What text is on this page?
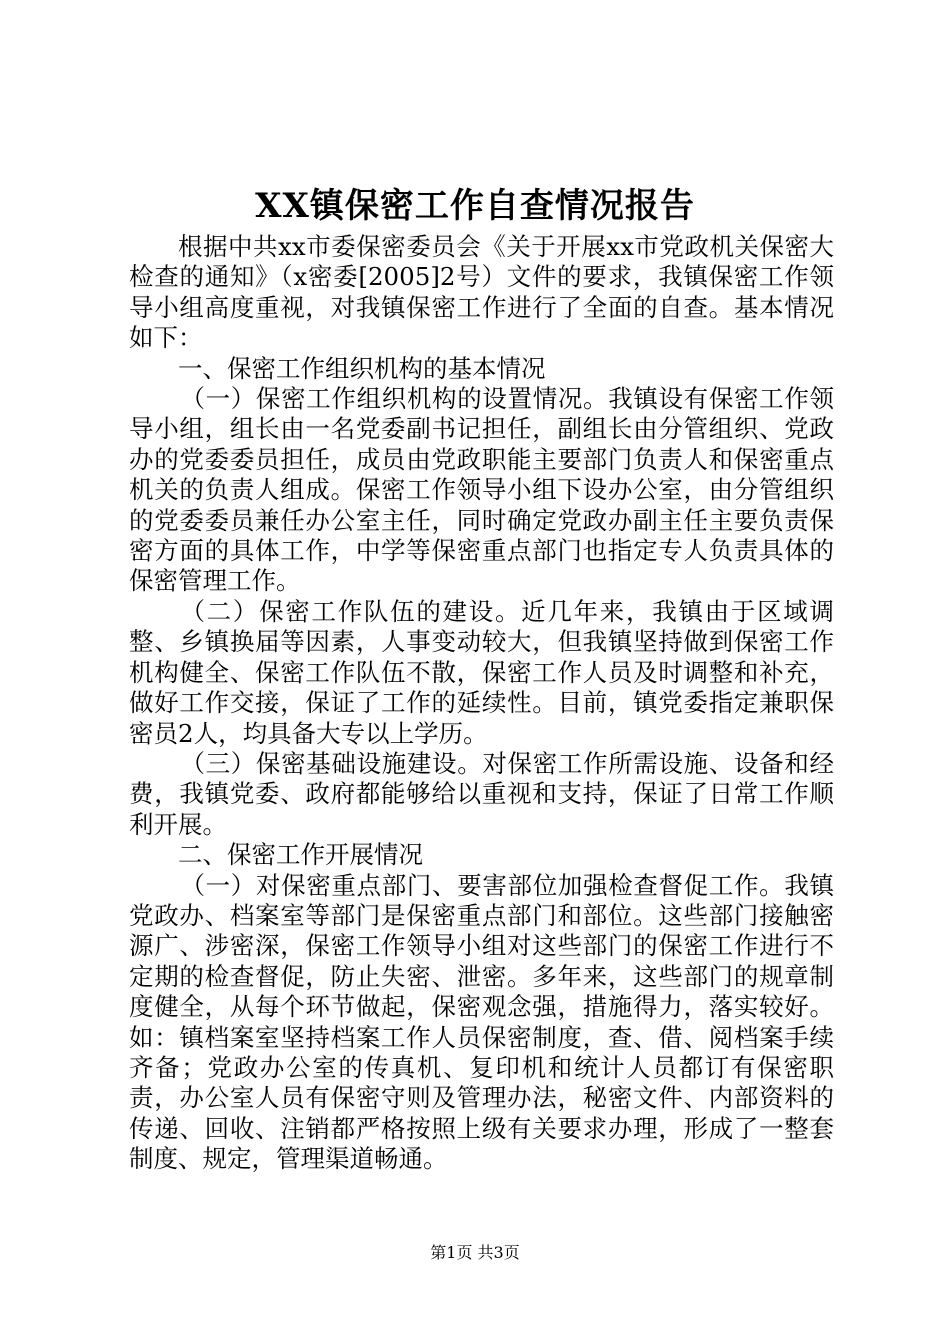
XX镇保密工作自查情况报告

根据中共xx市委保密委员会《关于开展xx市党政机关保密大检查的通知》（x密委[2005]2号）文件的要求，我镇保密工作领导小组高度重视，对我镇保密工作进行了全面的自查。基本情况如下：

一、保密工作组织机构的基本情况

（一）保密工作组织机构的设置情况。我镇设有保密工作领导小组，组长由一名党委副书记担任，副组长由分管组织、党政办的党委委员担任，成员由党政职能主要部门负责人和保密重点机关的负责人组成。保密工作领导小组下设办公室，由分管组织的党委委员兼任办公室主任，同时确定党政办副主任主要负责保密方面的具体工作，中学等保密重点部门也指定专人负责具体的保密管理工作。

（二）保密工作队伍的建设。近几年来，我镇由于区域调整、乡镇换届等因素，人事变动较大，但我镇坚持做到保密工作机构健全、保密工作队伍不散，保密工作人员及时调整和补充，做好工作交接，保证了工作的延续性。目前，镇党委指定兼职保密员2人，均具备大专以上学历。

（三）保密基础设施建设。对保密工作所需设施、设备和经费，我镇党委、政府都能够给以重视和支持，保证了日常工作顺利开展。

二、保密工作开展情况

（一）对保密重点部门、要害部位加强检查督促工作。我镇党政办、档案室等部门是保密重点部门和部位。这些部门接触密源广、涉密深，保密工作领导小组对这些部门的保密工作进行不定期的检查督促，防止失密、泄密。多年来，这些部门的规章制度健全，从每个环节做起，保密观念强，措施得力，落实较好。如：镇档案室坚持档案工作人员保密制度，查、借、阅档案手续齐备；党政办公室的传真机、复印机和统计人员都订有保密职责，办公室人员有保密守则及管理办法，秘密文件、内部资料的传递、回收、注销都严格按照上级有关要求办理，形成了一整套制度、规定，管理渠道畅通。

第1页 共3页
